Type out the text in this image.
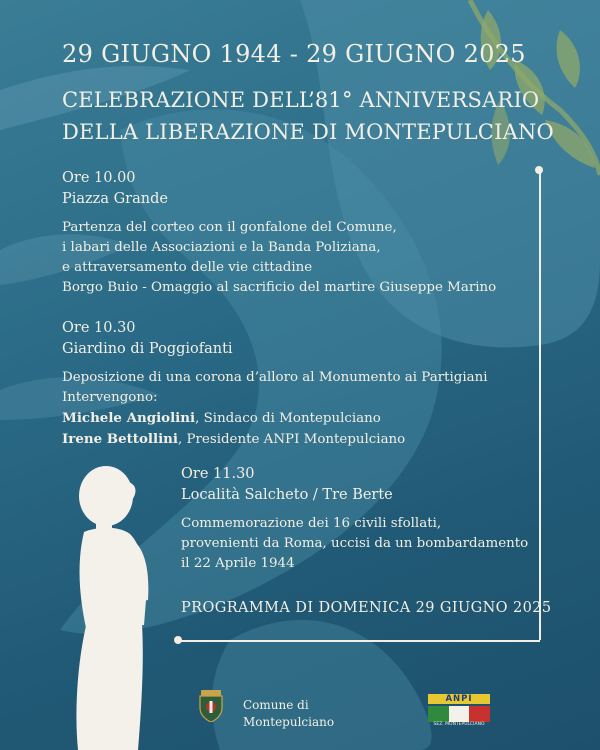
29 GIUGNO 1944 - 29 GIUGNO 2025
CELEBRAZIONE DELL’81° ANNIVERSARIO
DELLA LIBERAZIONE DI MONTEPULCIANO
Ore 10.00
Piazza Grande
Partenza del corteo con il gonfalone del Comune,
i labari delle Associazioni e la Banda Poliziana,
e attraversamento delle vie cittadine
Borgo Buio - Omaggio al sacrificio del martire Giuseppe Marino
Ore 10.30
Giardino di Poggiofanti
Deposizione di una corona d’alloro al Monumento ai Partigiani
Intervengono:
Michele Angiolini, Sindaco di Montepulciano
Irene Bettollini, Presidente ANPI Montepulciano
Ore 11.30
Località Salcheto / Tre Berte
Commemorazione dei 16 civili sfollati,
provenienti da Roma, uccisi da un bombardamento
il 22 Aprile 1944
PROGRAMMA DI DOMENICA 29 GIUGNO 2025
Comune di
Montepulciano
ANPI
SEZ. MONTEPULCIANO
